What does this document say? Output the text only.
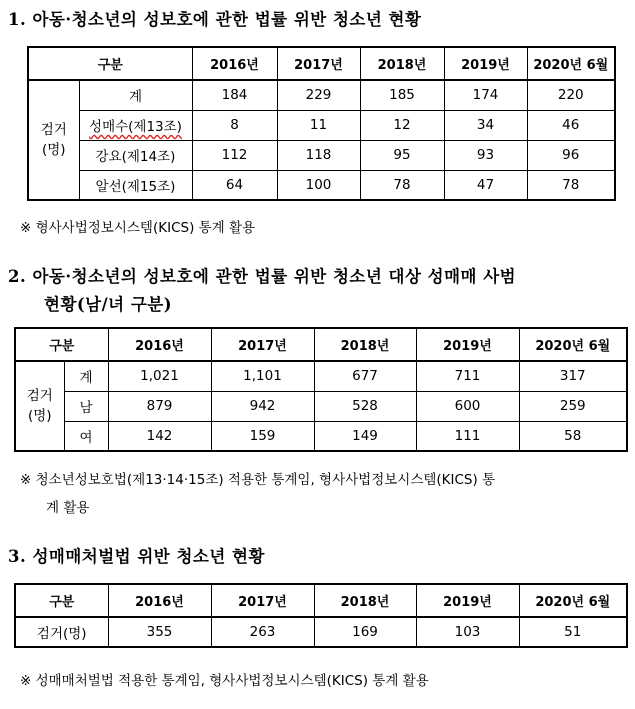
1. 아동·청소년의 성보호에 관한 법률 위반 청소년 현황
구분		2016년	2017년	2018년	2019년	2020년 6월
검거
(명)	계	184	229	185	174	220
	성매수(제13조)	8	11	12	34	46
	강요(제14조)	112	118	95	93	96
	알선(제15조)	64	100	78	47	78
※ 형사사법정보시스템(KICS) 통계 활용
2. 아동·청소년의 성보호에 관한 법률 위반 청소년 대상 성매매 사범
현황(남/녀 구분)
구분		2016년	2017년	2018년	2019년	2020년 6월
검거
(명)	계	1,021	1,101	677	711	317
	남	879	942	528	600	259
	여	142	159	149	111	58
※ 청소년성보호법(제13·14·15조) 적용한 통계임, 형사사법정보시스템(KICS) 통
계 활용
3. 성매매처벌법 위반 청소년 현황
구분	2016년	2017년	2018년	2019년	2020년 6월
검거(명)	355	263	169	103	51
※ 성매매처벌법 적용한 통계임, 형사사법정보시스템(KICS) 통계 활용
